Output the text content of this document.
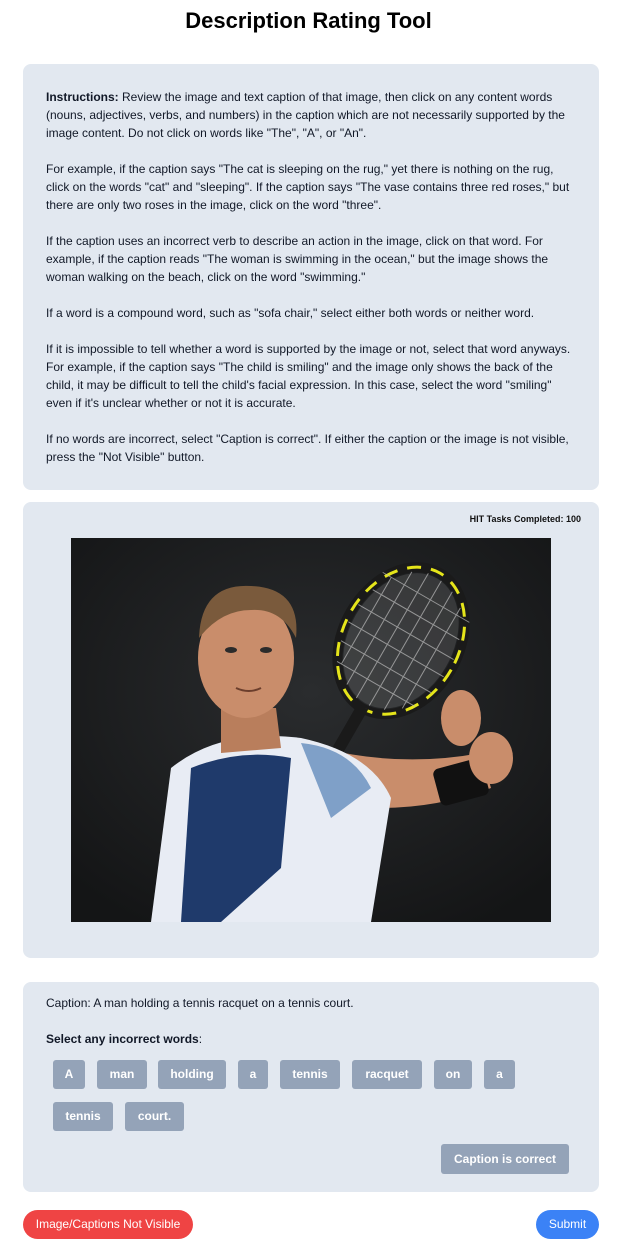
Description Rating Tool

Instructions: Review the image and text caption of that image, then click on any content words (nouns, adjectives, verbs, and numbers) in the caption which are not necessarily supported by the image content. Do not click on words like "The", "A", or "An".

For example, if the caption says "The cat is sleeping on the rug," yet there is nothing on the rug, click on the words "cat" and "sleeping". If the caption says "The vase contains three red roses," but there are only two roses in the image, click on the word "three".

If the caption uses an incorrect verb to describe an action in the image, click on that word. For example, if the caption reads "The woman is swimming in the ocean," but the image shows the woman walking on the beach, click on the word "swimming."

If a word is a compound word, such as "sofa chair," select either both words or neither word.

If it is impossible to tell whether a word is supported by the image or not, select that word anyways. For example, if the caption says "The child is smiling" and the image only shows the back of the child, it may be difficult to tell the child's facial expression. In this case, select the word "smiling" even if it's unclear whether or not it is accurate.

If no words are incorrect, select "Caption is correct". If either the caption or the image is not visible, press the "Not Visible" button.

HIT Tasks Completed: 100
Caption: A man holding a tennis racquet on a tennis court.
Select any incorrect words:
A	man	holding	a	tennis	racquet	on	a
tennis	court.
Caption is correct
Image/Captions Not Visible	Submit
